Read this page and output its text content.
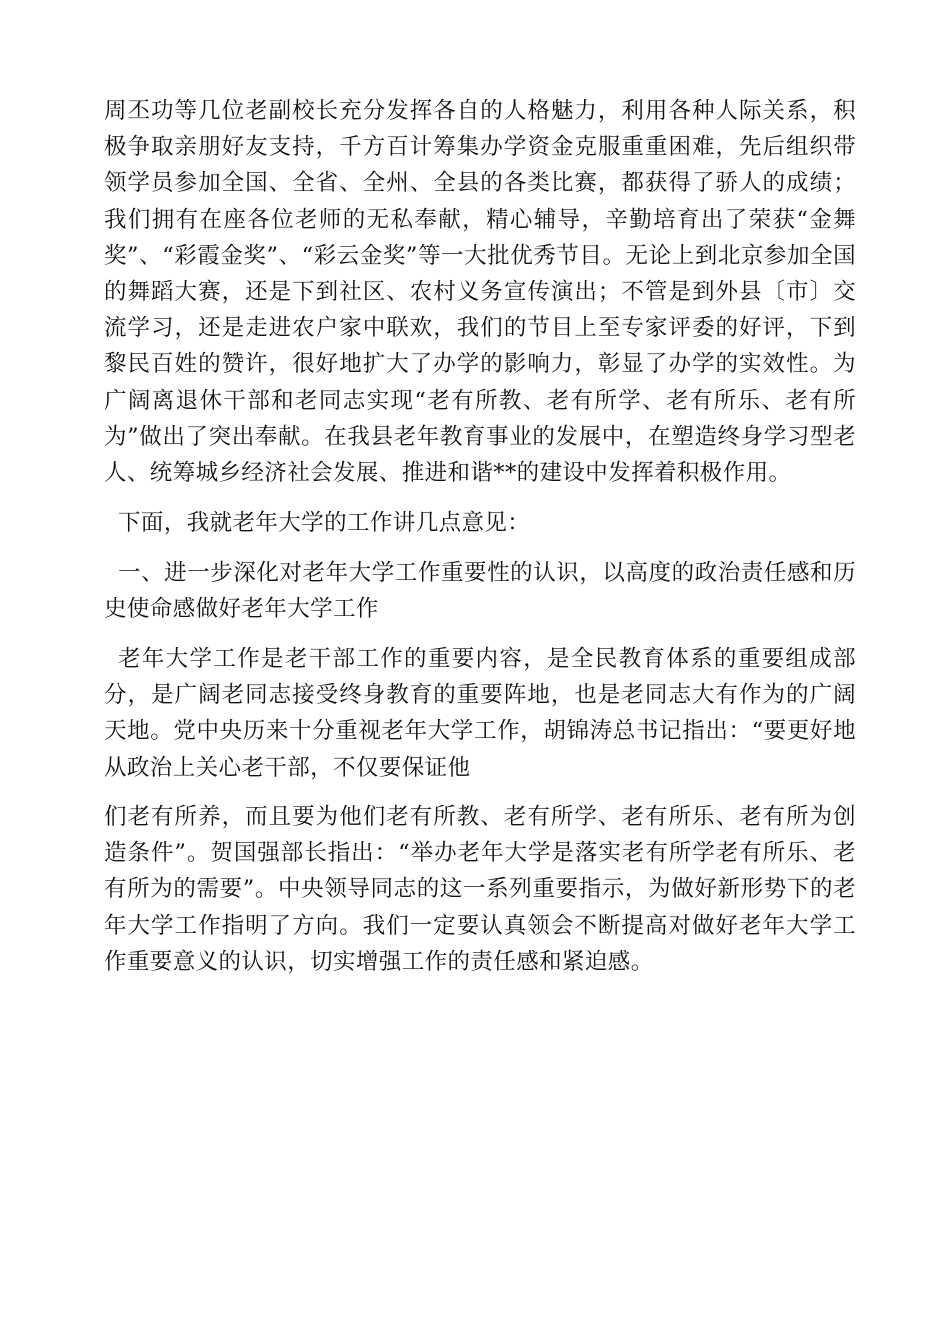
周丕功等几位老副校长充分发挥各自的人格魅力，利用各种人际关系，积极争取亲朋好友支持，千方百计筹集办学资金克服重重困难，先后组织带领学员参加全国、全省、全州、全县的各类比赛，都获得了骄人的成绩；我们拥有在座各位老师的无私奉献，精心辅导，辛勤培育出了荣获“金舞奖”、“彩霞金奖”、“彩云金奖”等一大批优秀节目。无论上到北京参加全国的舞蹈大赛，还是下到社区、农村义务宣传演出；不管是到外县〔市〕交流学习，还是走进农户家中联欢，我们的节目上至专家评委的好评，下到黎民百姓的赞许，很好地扩大了办学的影响力，彰显了办学的实效性。为广阔离退休干部和老同志实现“老有所教、老有所学、老有所乐、老有所为”做出了突出奉献。在我县老年教育事业的发展中，在塑造终身学习型老人、统筹城乡经济社会发展、推进和谐**的建设中发挥着积极作用。

下面，我就老年大学的工作讲几点意见：

一、进一步深化对老年大学工作重要性的认识，以高度的政治责任感和历史使命感做好老年大学工作

老年大学工作是老干部工作的重要内容，是全民教育体系的重要组成部分，是广阔老同志接受终身教育的重要阵地，也是老同志大有作为的广阔天地。党中央历来十分重视老年大学工作，胡锦涛总书记指出：“要更好地从政治上关心老干部，不仅要保证他

们老有所养，而且要为他们老有所教、老有所学、老有所乐、老有所为创造条件”。贺国强部长指出：“举办老年大学是落实老有所学老有所乐、老有所为的需要”。中央领导同志的这一系列重要指示，为做好新形势下的老年大学工作指明了方向。我们一定要认真领会不断提高对做好老年大学工作重要意义的认识，切实增强工作的责任感和紧迫感。
